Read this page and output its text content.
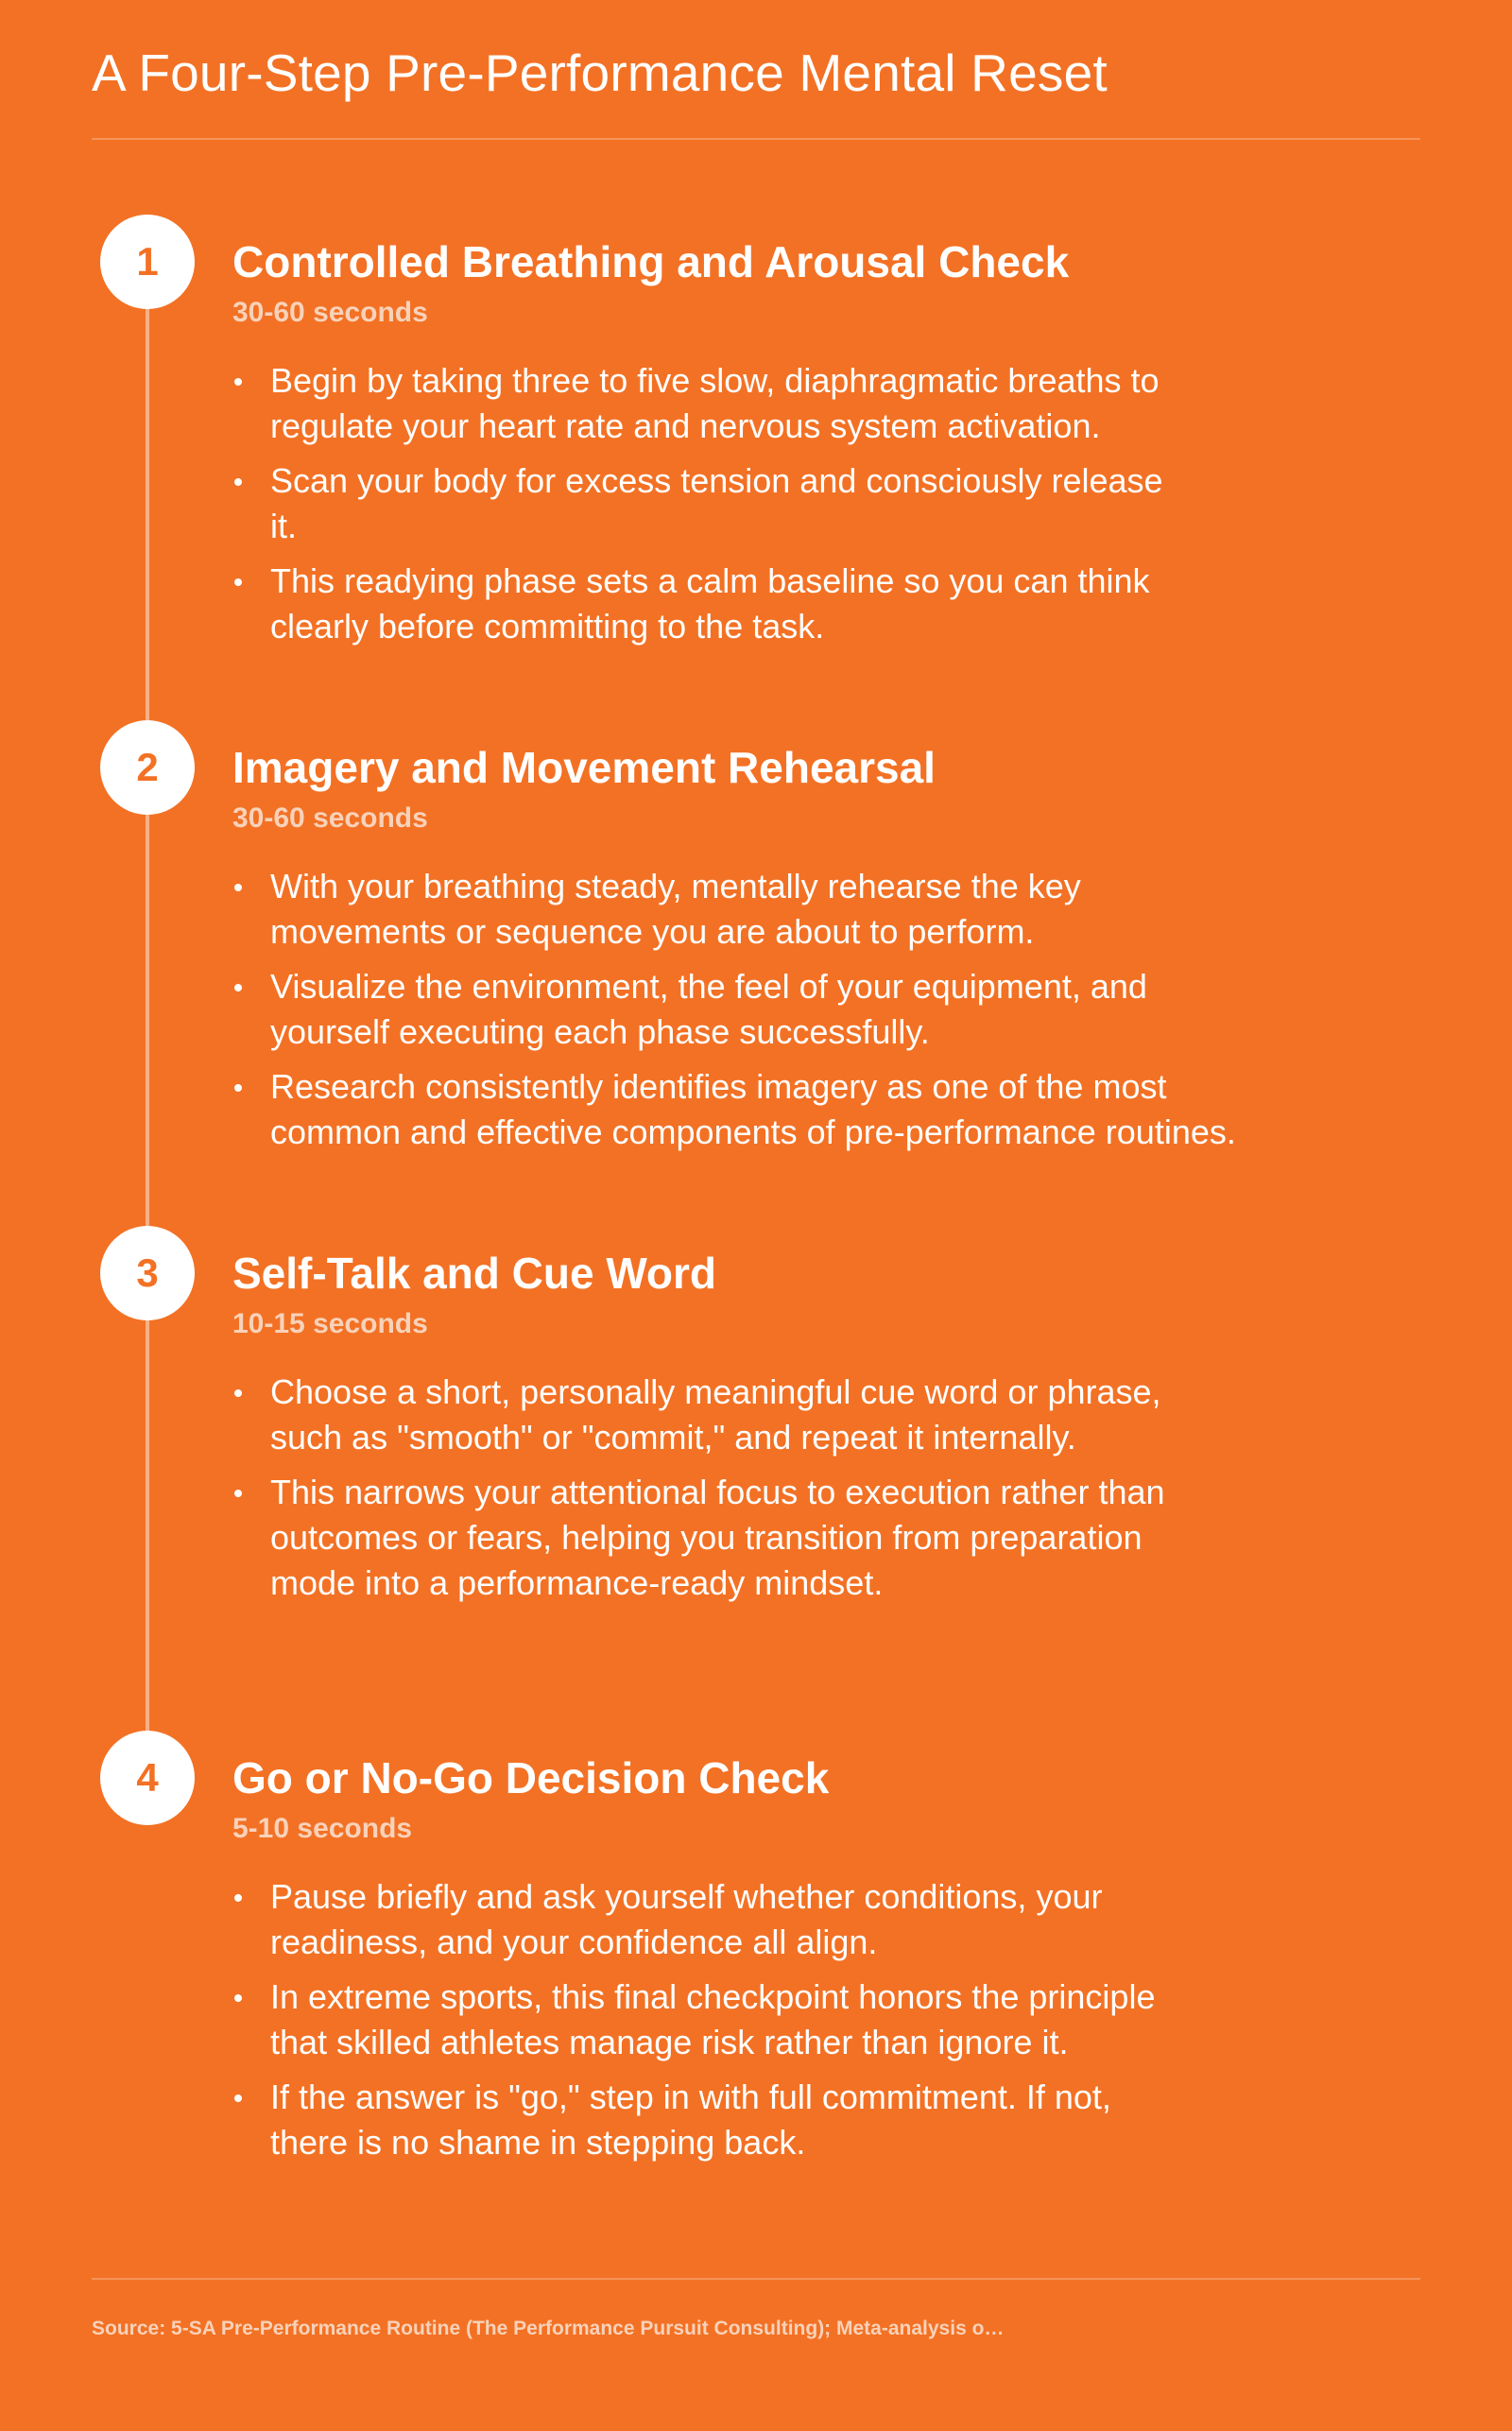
A Four-Step Pre-Performance Mental Reset
1	Controlled Breathing and Arousal Check
30-60 seconds
Begin by taking three to five slow, diaphragmatic breaths to regulate your heart rate and nervous system activation.
Scan your body for excess tension and consciously release it.
This readying phase sets a calm baseline so you can think clearly before committing to the task.
2	Imagery and Movement Rehearsal
30-60 seconds
With your breathing steady, mentally rehearse the key movements or sequence you are about to perform.
Visualize the environment, the feel of your equipment, and yourself executing each phase successfully.
Research consistently identifies imagery as one of the most common and effective components of pre-performance routines.
3	Self-Talk and Cue Word
10-15 seconds
Choose a short, personally meaningful cue word or phrase, such as "smooth" or "commit," and repeat it internally.
This narrows your attentional focus to execution rather than outcomes or fears, helping you transition from preparation mode into a performance-ready mindset.
4	Go or No-Go Decision Check
5-10 seconds
Pause briefly and ask yourself whether conditions, your readiness, and your confidence all align.
In extreme sports, this final checkpoint honors the principle that skilled athletes manage risk rather than ignore it.
If the answer is "go," step in with full commitment. If not, there is no shame in stepping back.
Source: 5-SA Pre-Performance Routine (The Performance Pursuit Consulting); Meta-analysis o…
